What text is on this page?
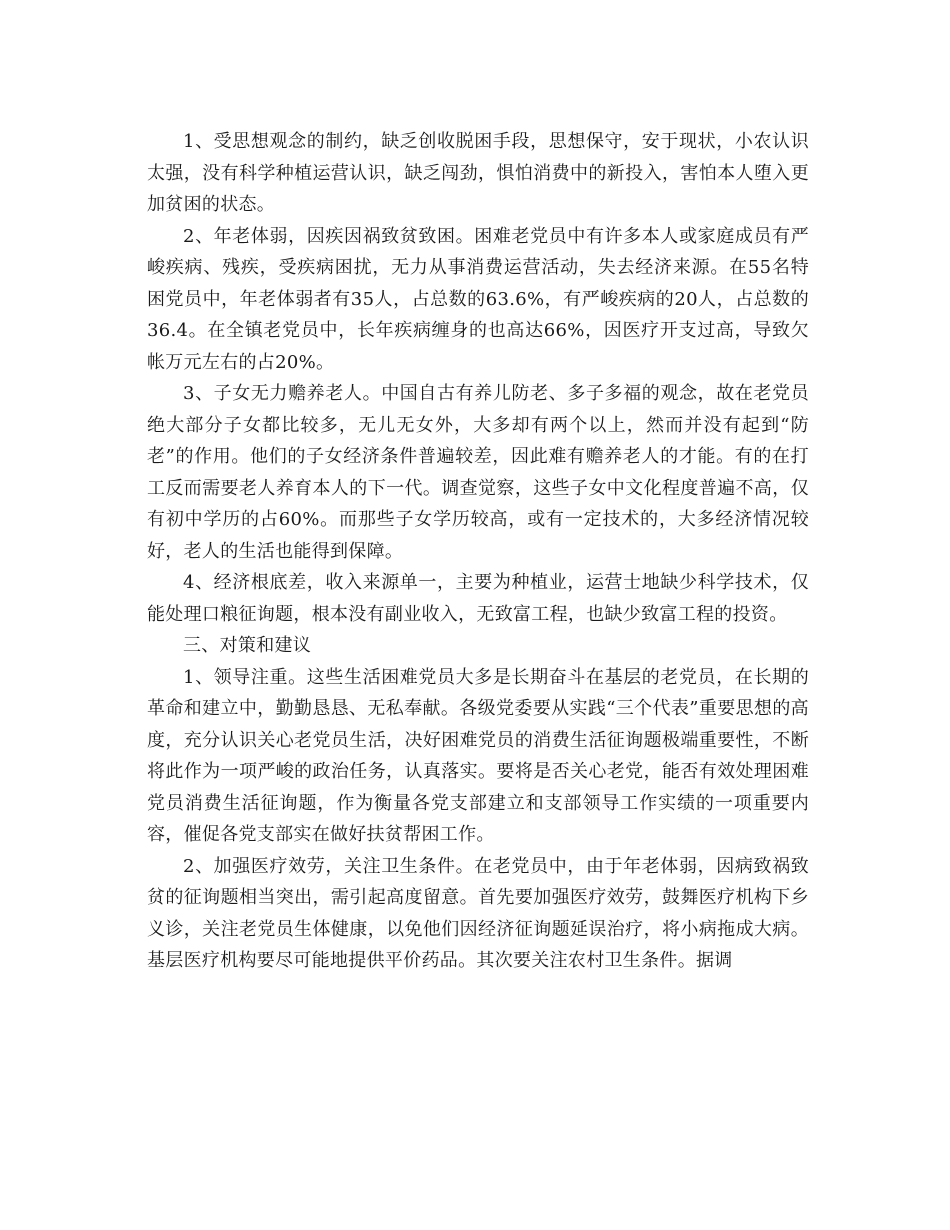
1、受思想观念的制约，缺乏创收脱困手段，思想保守，安于现状，小农认识太强，没有科学种植运营认识，缺乏闯劲，惧怕消费中的新投入，害怕本人堕入更加贫困的状态。

2、年老体弱，因疾因祸致贫致困。困难老党员中有许多本人或家庭成员有严峻疾病、残疾，受疾病困扰，无力从事消费运营活动，失去经济来源。在55名特困党员中，年老体弱者有35人，占总数的63.6%，有严峻疾病的20人，占总数的36.4。在全镇老党员中，长年疾病缠身的也高达66%，因医疗开支过高，导致欠帐万元左右的占20%。

3、子女无力赡养老人。中国自古有养儿防老、多子多福的观念，故在老党员绝大部分子女都比较多，无儿无女外，大多却有两个以上，然而并没有起到“防老”的作用。他们的子女经济条件普遍较差，因此难有赡养老人的才能。有的在打工反而需要老人养育本人的下一代。调查觉察，这些子女中文化程度普遍不高，仅有初中学历的占60%。而那些子女学历较高，或有一定技术的，大多经济情况较好，老人的生活也能得到保障。

4、经济根底差，收入来源单一，主要为种植业，运营士地缺少科学技术，仅能处理口粮征询题，根本没有副业收入，无致富工程，也缺少致富工程的投资。

三、对策和建议

1、领导注重。这些生活困难党员大多是长期奋斗在基层的老党员，在长期的革命和建立中，勤勤恳恳、无私奉献。各级党委要从实践“三个代表”重要思想的高度，充分认识关心老党员生活，决好困难党员的消费生活征询题极端重要性，不断将此作为一项严峻的政治任务，认真落实。要将是否关心老党，能否有效处理困难党员消费生活征询题，作为衡量各党支部建立和支部领导工作实绩的一项重要内容，催促各党支部实在做好扶贫帮困工作。

2、加强医疗效劳，关注卫生条件。在老党员中，由于年老体弱，因病致祸致贫的征询题相当突出，需引起高度留意。首先要加强医疗效劳，鼓舞医疗机构下乡义诊，关注老党员生体健康，以免他们因经济征询题延误治疗，将小病拖成大病。基层医疗机构要尽可能地提供平价药品。其次要关注农村卫生条件。据调
